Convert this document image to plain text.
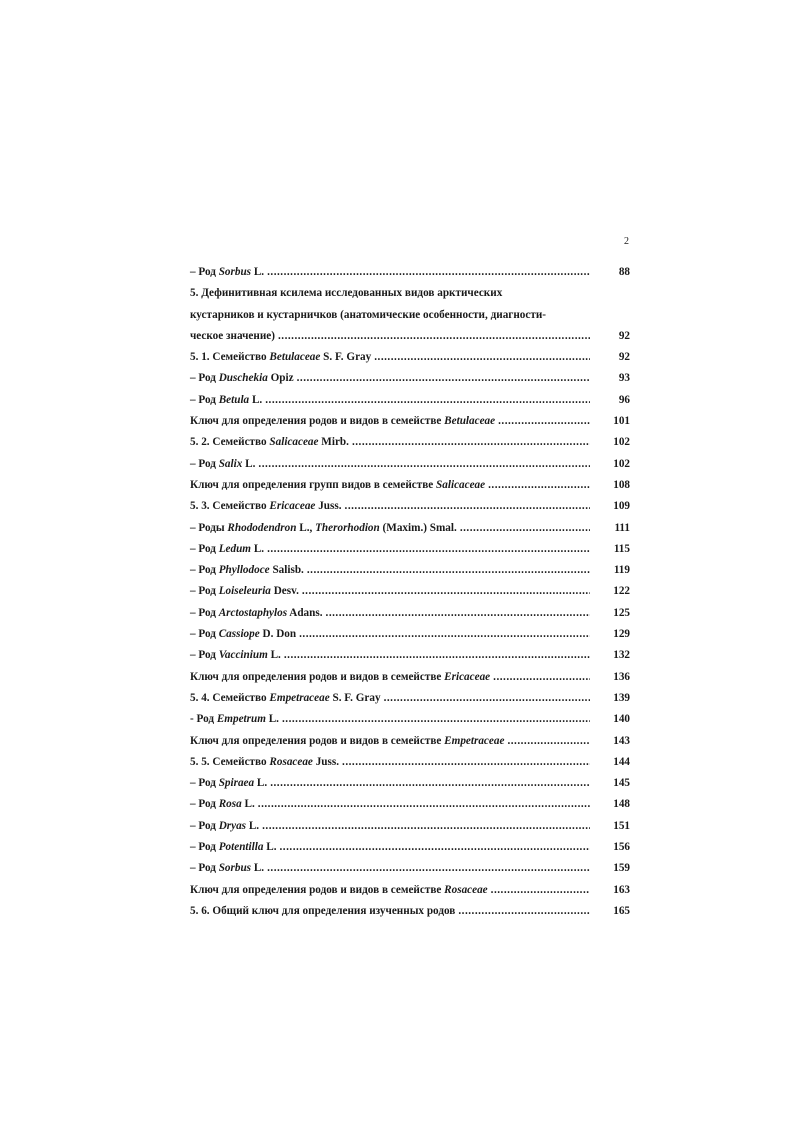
2
– Род Sorbus L. .....	88
5. Дефинитивная ксилема исследованных видов арктических
кустарников и кустарничков (анатомические особенности, диагности-
ческое значение) .....	92
5. 1. Семейство Betulaceae S. F. Gray .....	92
– Род Duschekia Opiz .....	93
– Род Betula L. .....	96
Ключ для определения родов и видов в семействе Betulaceae .....	101
5. 2. Семейство Salicaceae Mirb. .....	102
– Род Salix L. .....	102
Ключ для определения групп видов в семействе Salicaceae .....	108
5. 3. Семейство Ericaceae Juss. .....	109
– Роды Rhododendron L., Therorhodion (Maxim.) Smal. .....	111
– Род Ledum L. .....	115
– Род Phyllodoce Salisb. .....	119
– Род Loiseleuria Desv. .....	122
– Род Arctostaphylos Adans. .....	125
– Род Cassiope D. Don .....	129
– Род Vaccinium L. .....	132
Ключ для определения родов и видов в семействе Ericaceae .....	136
5. 4. Семейство Empetraceae S. F. Gray .....	139
- Род Empetrum L. .....	140
Ключ для определения родов и видов в семействе Empetraceae .....	143
5. 5. Семейство Rosaceae Juss. .....	144
– Род Spiraea L. .....	145
– Род Rosa L. .....	148
– Род Dryas L. .....	151
– Род Potentilla L. .....	156
– Род Sorbus L. .....	159
Ключ для определения родов и видов в семействе Rosaceae .....	163
5. 6. Общий ключ для определения изученных родов .....	165
